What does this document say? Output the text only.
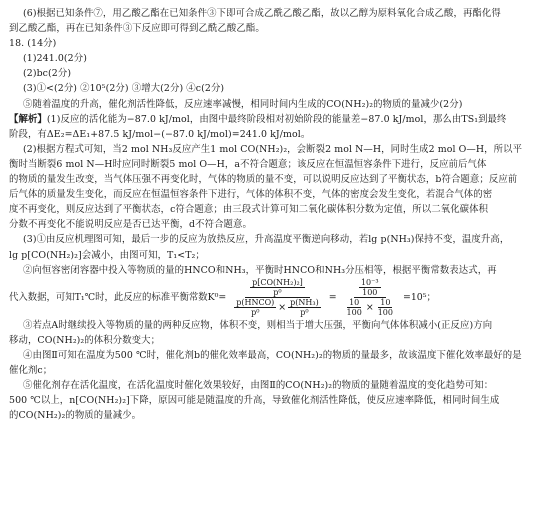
(6)根据已知条件⑦，用乙酸乙酯在已知条件③下即可合成乙酰乙酸乙酯，故以乙醇为原料氧化合成乙酸，再酯化得
到乙酸乙酯，再在已知条件③下反应即可得到乙酰乙酸乙酯。
18. (14分)
(1)241.0(2分)
(2)bc(2分)
(3)①<(2分) ②10⁵(2分) ③增大(2分) ④c(2分)
⑤随着温度的升高，催化剂活性降低，反应速率减慢，相同时间内生成的CO(NH₂)₂的物质的量减少(2分)
【解析】(1)反应的活化能为−87.0 kJ/mol，由图中最终阶段相对初始阶段的能量差−87.0 kJ/mol，那么由TS₁到最终
阶段，有ΔE₂=ΔE₁+87.5 kJ/mol−(−87.0 kJ/mol)=241.0 kJ/mol。
(2)根据方程式可知，当2 mol NH₃反应产生1 mol CO(NH₂)₂，会断裂2 mol N—H，同时生成2 mol O—H，所以平
衡时当断裂6 mol N—H时应同时断裂5 mol O—H，a不符合题意；该反应在恒温恒容条件下进行，反应前后气体
的物质的量发生改变，当气体压强不再变化时，气体的物质的量不变，可以说明反应达到了平衡状态，b符合题意；反应前
后气体的质量发生变化，而反应在恒温恒容条件下进行，气体的体积不变，气体的密度会发生变化，若混合气体的密
度不再变化，则反应达到了平衡状态，c符合题意；由三段式计算可知二氧化碳体积分数为定值，所以二氧化碳体积
分数不再变化不能说明反应是否已达平衡，d不符合题意。
(3)①由反应机理图可知，最后一步的反应为放热反应，升高温度平衡逆向移动，若lg p(NH₃)保持不变，温度升高，
lg p[CO(NH₂)₂]会减小，由图可知，T₁<T₂；
②向恒容密闭容器中投入等物质的量的HNCO和NH₃，平衡时HNCO和NH₃分压相等，根据平衡常数表达式，再
代入数据，可知T₁℃时，此反应的标准平衡常数K⁰=
$\frac{\text{p[CO(NH₂)₂]}}{\text{p⁰}}$
$\frac{\text{p(HNCO)}}{\text{p⁰}} \times \frac{\text{p(NH₃)}}{\text{p⁰}}$
=
$\frac{\text{10⁻³}}{100}$
$\frac{10}{100} \times \frac{10}{100}$
=10⁵；
③若点A时继续投入等物质的量的两种反应物，体积不变，则相当于增大压强，平衡向气体体积减小(正反应)方向
移动，CO(NH₂)₂的体积分数变大；
④由图Ⅱ可知在温度为500 ℃时，催化剂b的催化效率最高，CO(NH₂)₂的物质的量最多，故该温度下催化效率最好的是
催化剂c；
⑤催化剂存在活化温度，在活化温度时催化效果较好，由图Ⅱ的CO(NH₂)₂的物质的量随着温度的变化趋势可知：
500 ℃以上，n[CO(NH₂)₂]下降，原因可能是随温度的升高，导致催化剂活性降低，使反应速率降低，相同时间生成
的CO(NH₂)₂的物质的量减少。
